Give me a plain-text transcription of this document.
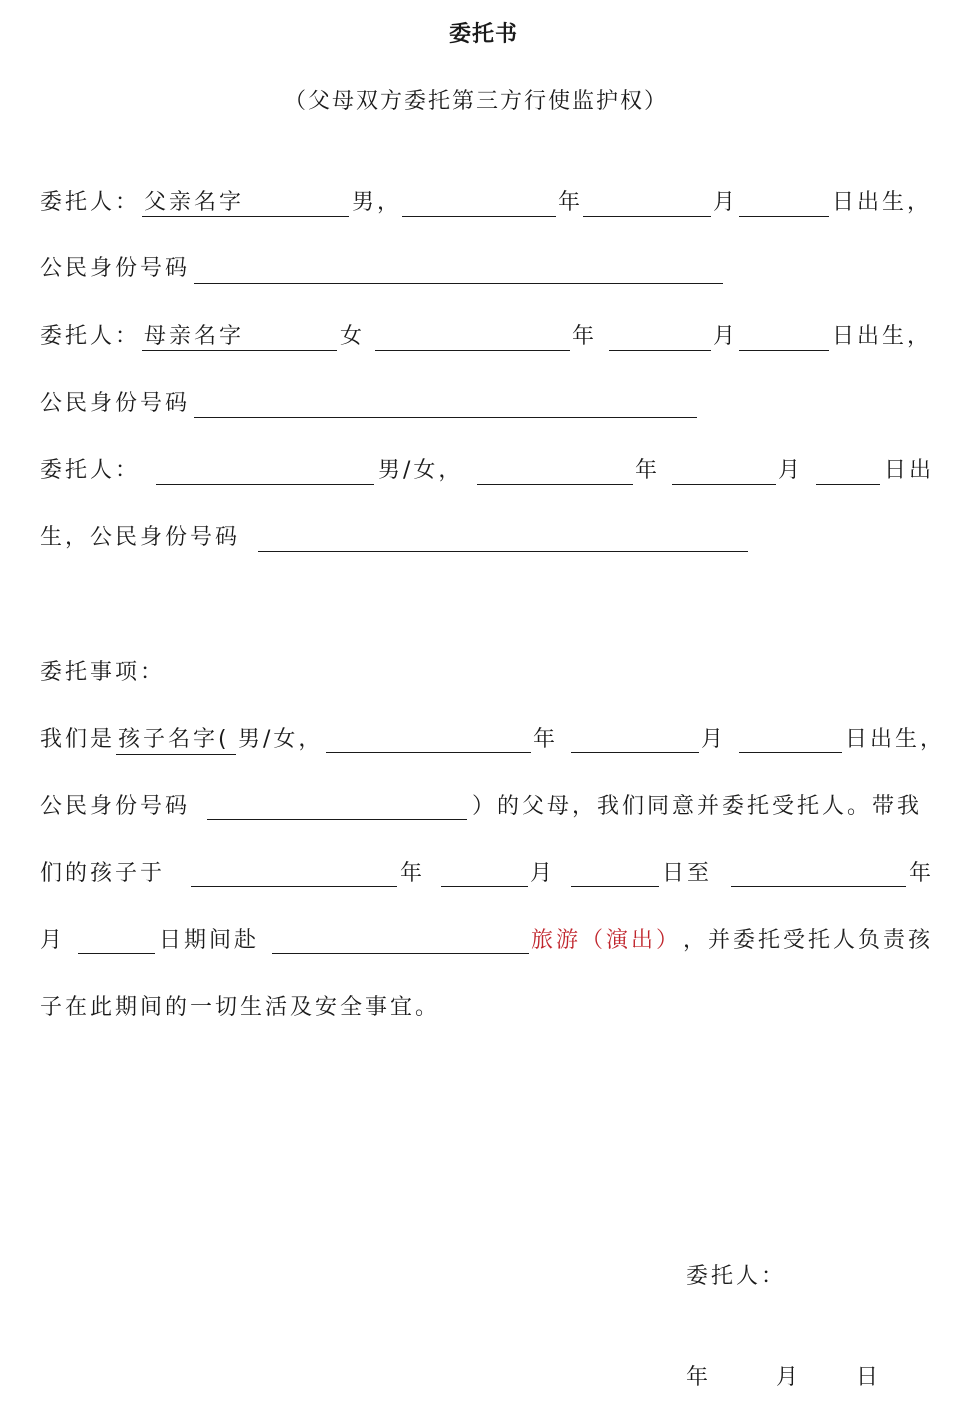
委托书
（父母双方委托第三方行使监护权）
委托人： 父亲名字	男，	年	月	日出生，
公民身份号码
委托人： 母亲名字	女	年	月	日出生，
公民身份号码
委托人：	男/女，	年	月	日出
生，公民身份号码
委托事项：
我们是 孩子名字( 男/女，	年	月	日出生，
公民身份号码	）的父母，我们同意并委托受托人。带我
们的孩子于	年	月	日至	年
月	日期间赴	旅游（演出） ，并委托受托人负责孩
子在此期间的一切生活及安全事宜。
委托人：
年	月 日
